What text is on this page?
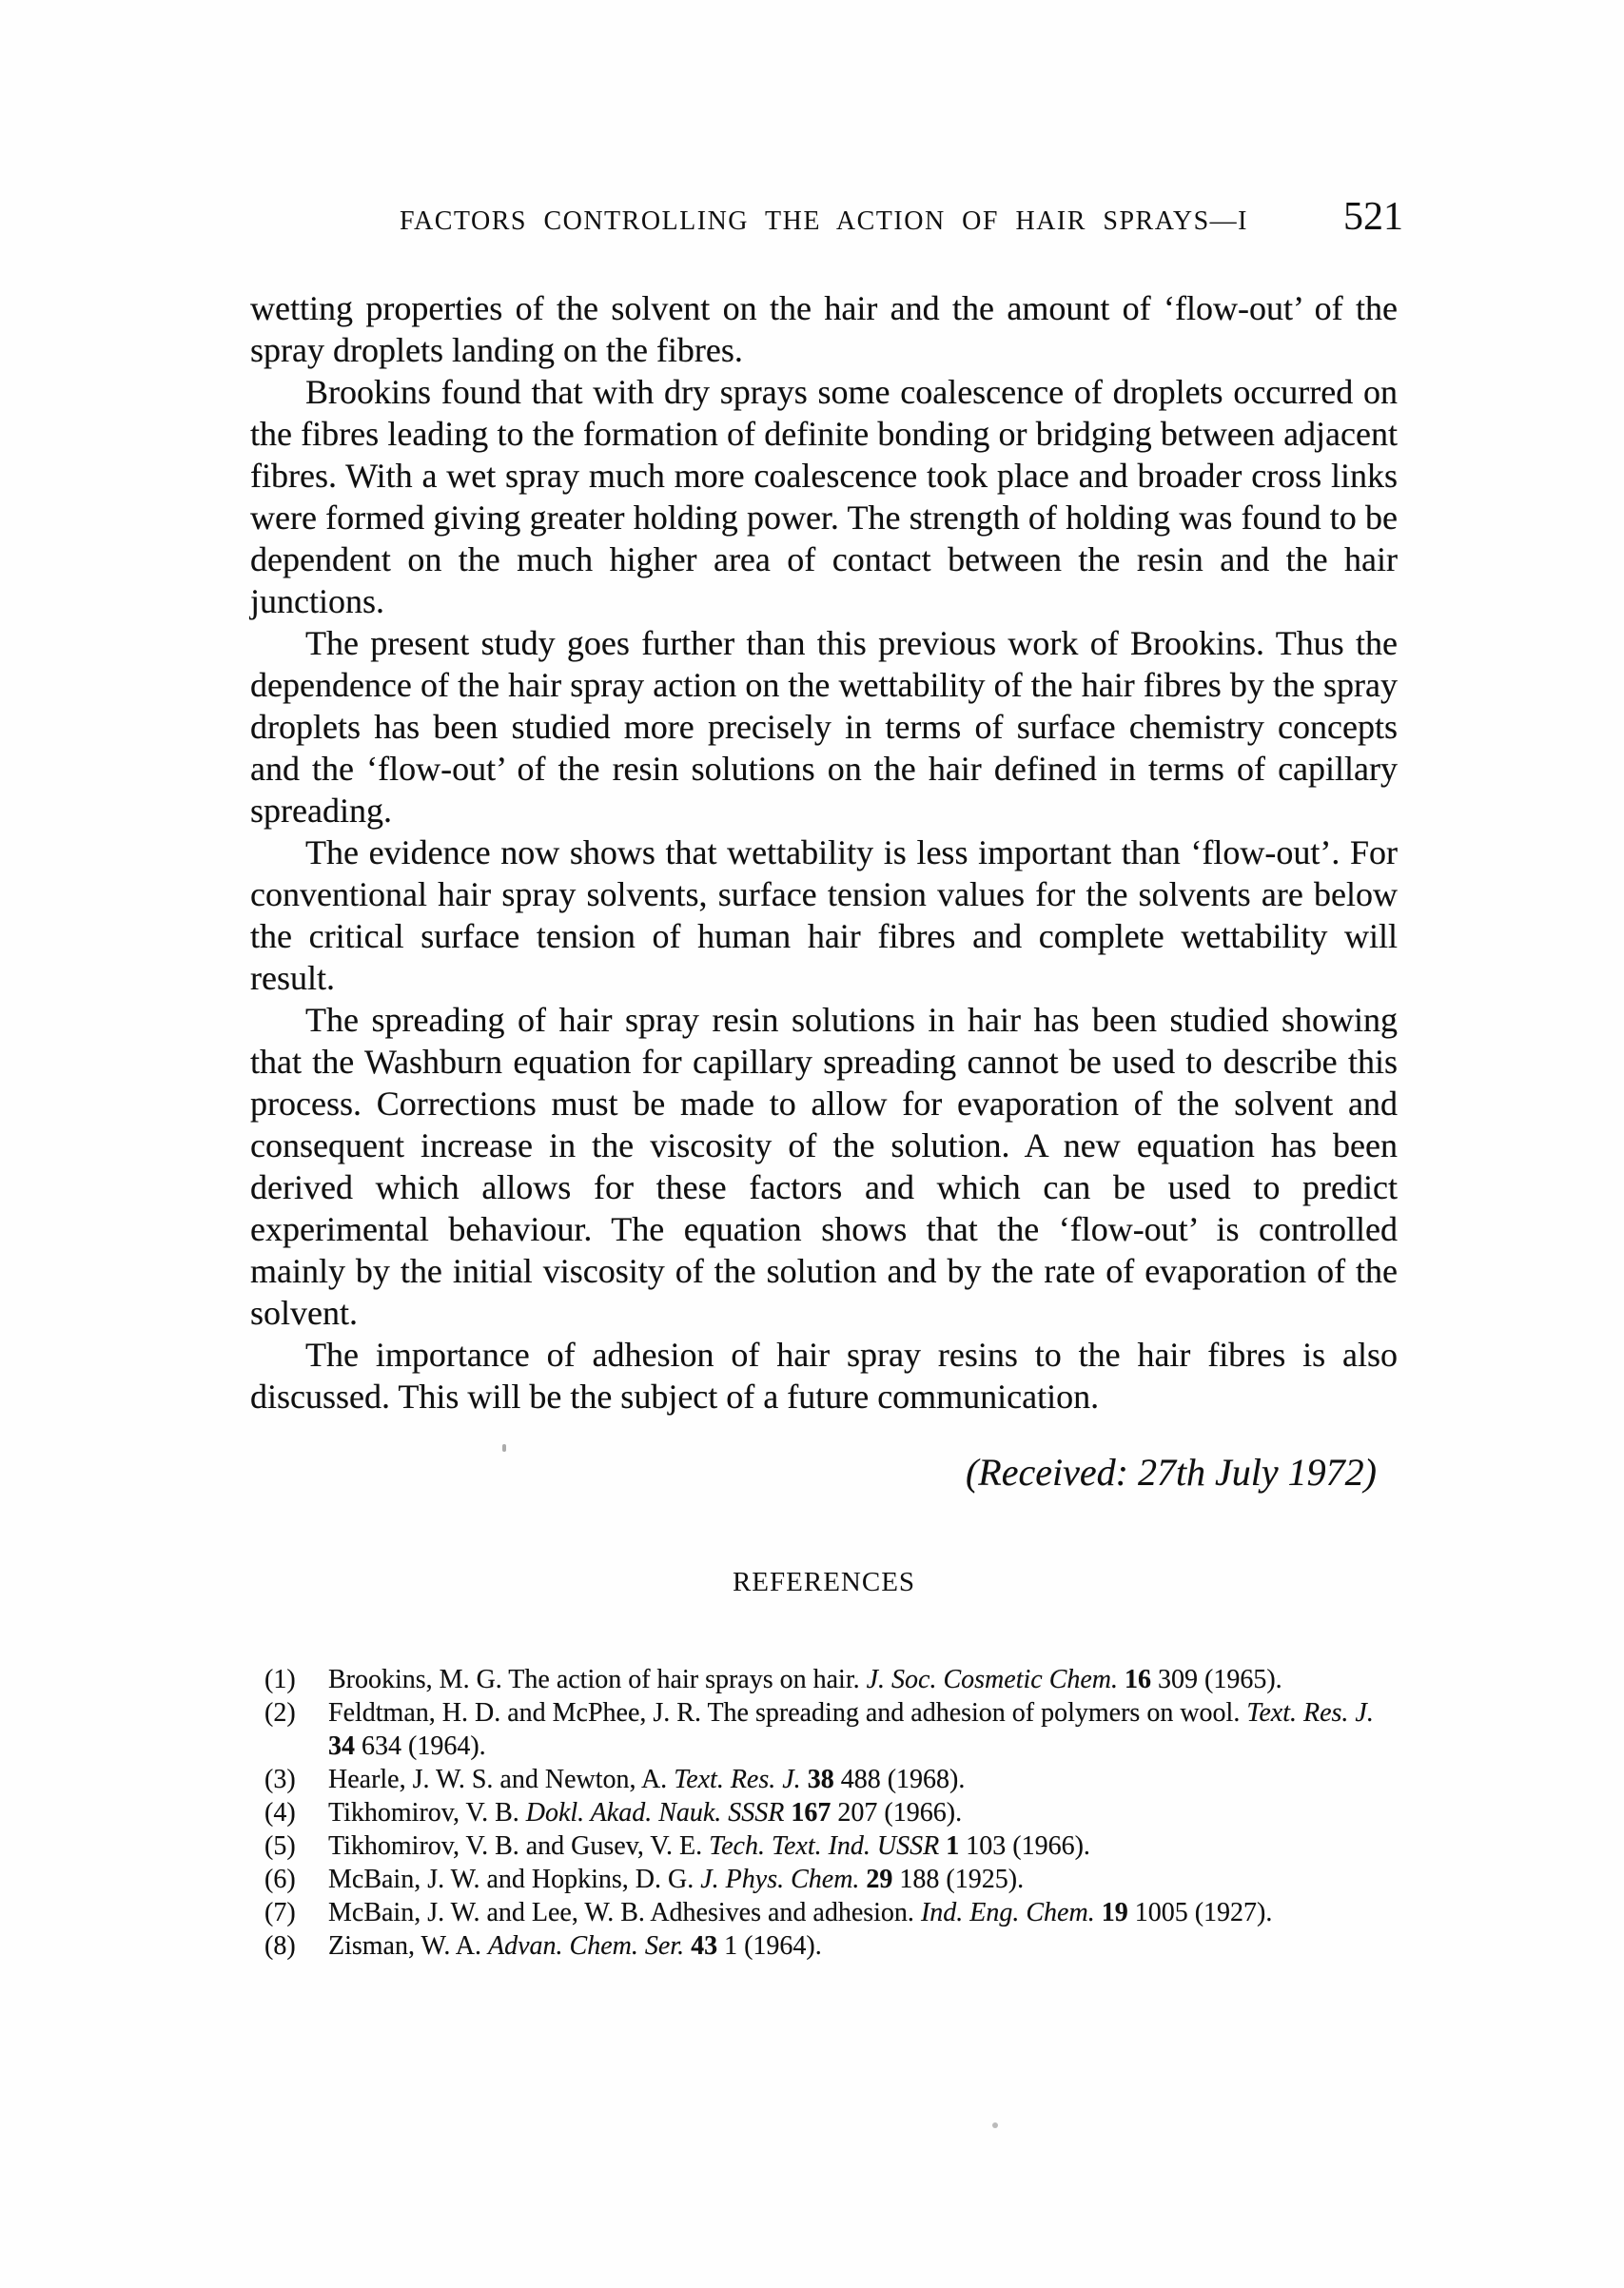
FACTORS CONTROLLING THE ACTION OF HAIR SPRAYS—I 521

wetting properties of the solvent on the hair and the amount of ‘flow-out’ of the spray droplets landing on the fibres.

Brookins found that with dry sprays some coalescence of droplets occurred on the fibres leading to the formation of definite bonding or bridging between adjacent fibres. With a wet spray much more coalescence took place and broader cross links were formed giving greater holding power. The strength of holding was found to be dependent on the much higher area of contact between the resin and the hair junctions.

The present study goes further than this previous work of Brookins. Thus the dependence of the hair spray action on the wettability of the hair fibres by the spray droplets has been studied more precisely in terms of surface chemistry concepts and the ‘flow-out’ of the resin solutions on the hair defined in terms of capillary spreading.

The evidence now shows that wettability is less important than ‘flow-out’. For conventional hair spray solvents, surface tension values for the solvents are below the critical surface tension of human hair fibres and complete wettability will result.

The spreading of hair spray resin solutions in hair has been studied showing that the Washburn equation for capillary spreading cannot be used to describe this process. Corrections must be made to allow for evaporation of the solvent and consequent increase in the viscosity of the solution. A new equation has been derived which allows for these factors and which can be used to predict experimental behaviour. The equation shows that the ‘flow-out’ is controlled mainly by the initial viscosity of the solution and by the rate of evaporation of the solvent.

The importance of adhesion of hair spray resins to the hair fibres is also discussed. This will be the subject of a future communication.

(Received: 27th July 1972)
REFERENCES
(1) Brookins, M. G. The action of hair sprays on hair. J. Soc. Cosmetic Chem. 16 309 (1965).
(2) Feldtman, H. D. and McPhee, J. R. The spreading and adhesion of polymers on wool. Text. Res. J. 34 634 (1964).
(3) Hearle, J. W. S. and Newton, A. Text. Res. J. 38 488 (1968).
(4) Tikhomirov, V. B. Dokl. Akad. Nauk. SSSR 167 207 (1966).
(5) Tikhomirov, V. B. and Gusev, V. E. Tech. Text. Ind. USSR 1 103 (1966).
(6) McBain, J. W. and Hopkins, D. G. J. Phys. Chem. 29 188 (1925).
(7) McBain, J. W. and Lee, W. B. Adhesives and adhesion. Ind. Eng. Chem. 19 1005 (1927).
(8) Zisman, W. A. Advan. Chem. Ser. 43 1 (1964).
